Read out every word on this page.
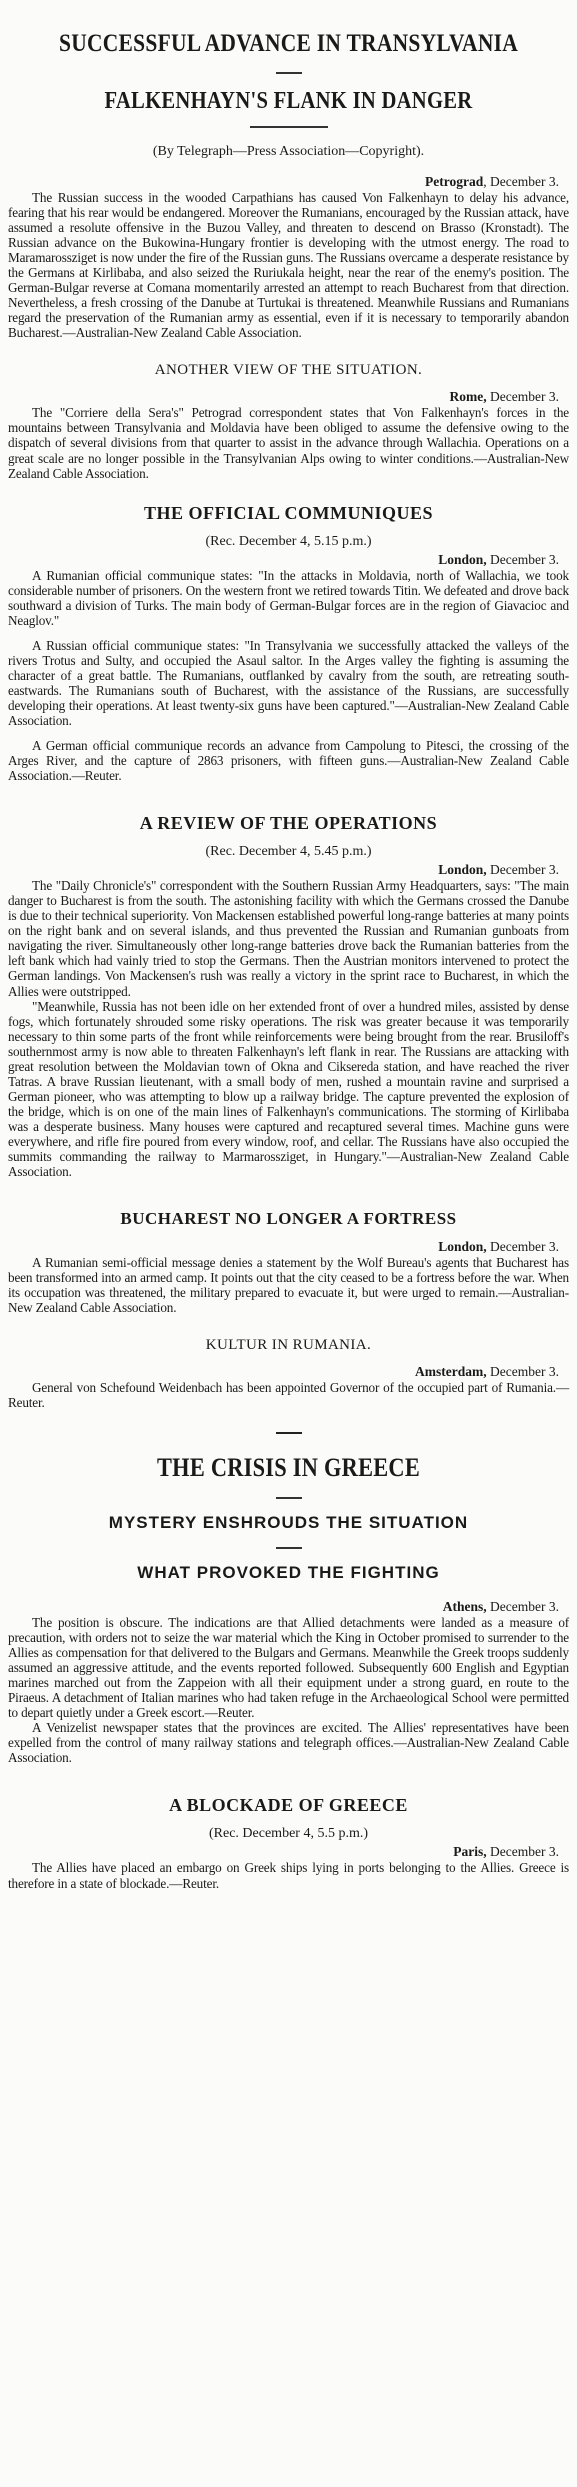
SUCCESSFUL ADVANCE IN TRANSYLVANIA
FALKENHAYN'S FLANK IN DANGER
(By Telegraph—Press Association—Copyright).
Petrograd, December 3.

The Russian success in the wooded Carpathians has caused Von Falkenhayn to delay his advance, fearing that his rear would be endangered. Moreover the Rumanians, encouraged by the Russian attack, have assumed a resolute offensive in the Buzou Valley, and threaten to descend on Brasso (Kronstadt). The Russian advance on the Bukowina-Hungary frontier is developing with the utmost energy. The road to Maramarossziget is now under the fire of the Russian guns. The Russians overcame a desperate resistance by the Germans at Kirlibaba, and also seized the Ruriukala height, near the rear of the enemy's position. The German-Bulgar reverse at Comana momentarily arrested an attempt to reach Bucharest from that direction. Nevertheless, a fresh crossing of the Danube at Turtukai is threatened. Meanwhile Russians and Rumanians regard the preservation of the Rumanian army as essential, even if it is necessary to temporarily abandon Bucharest.—Australian-New Zealand Cable Association.

ANOTHER VIEW OF THE SITUATION.
Rome, December 3.

The "Corriere della Sera's" Petrograd correspondent states that Von Falkenhayn's forces in the mountains between Transylvania and Moldavia have been obliged to assume the defensive owing to the dispatch of several divisions from that quarter to assist in the advance through Wallachia. Operations on a great scale are no longer possible in the Transylvanian Alps owing to winter conditions.—Australian-New Zealand Cable Association.

THE OFFICIAL COMMUNIQUES
(Rec. December 4, 5.15 p.m.)
London, December 3.

A Rumanian official communique states: "In the attacks in Moldavia, north of Wallachia, we took considerable number of prisoners. On the western front we retired towards Titin. We defeated and drove back southward a division of Turks. The main body of German-Bulgar forces are in the region of Giavacioc and Neaglov."

A Russian official communique states: "In Transylvania we successfully attacked the valleys of the rivers Trotus and Sulty, and occupied the Asaul saltor. In the Arges valley the fighting is assuming the character of a great battle. The Rumanians, outflanked by cavalry from the south, are retreating south-eastwards. The Rumanians south of Bucharest, with the assistance of the Russians, are successfully developing their operations. At least twenty-six guns have been captured."—Australian-New Zealand Cable Association.

A German official communique records an advance from Campolung to Pitesci, the crossing of the Arges River, and the capture of 2863 prisoners, with fifteen guns.—Australian-New Zealand Cable Association.—Reuter.

A REVIEW OF THE OPERATIONS
(Rec. December 4, 5.45 p.m.)
London, December 3.

The "Daily Chronicle's" correspondent with the Southern Russian Army Headquarters, says: "The main danger to Bucharest is from the south. The astonishing facility with which the Germans crossed the Danube is due to their technical superiority. Von Mackensen established powerful long-range batteries at many points on the right bank and on several islands, and thus prevented the Russian and Rumanian gunboats from navigating the river. Simultaneously other long-range batteries drove back the Rumanian batteries from the left bank which had vainly tried to stop the Germans. Then the Austrian monitors intervened to protect the German landings. Von Mackensen's rush was really a victory in the sprint race to Bucharest, in which the Allies were outstripped.

"Meanwhile, Russia has not been idle on her extended front of over a hundred miles, assisted by dense fogs, which fortunately shrouded some risky operations. The risk was greater because it was temporarily necessary to thin some parts of the front while reinforcements were being brought from the rear. Brusiloff's southernmost army is now able to threaten Falkenhayn's left flank in rear. The Russians are attacking with great resolution between the Moldavian town of Okna and Ciksereda station, and have reached the river Tatras. A brave Russian lieutenant, with a small body of men, rushed a mountain ravine and surprised a German pioneer, who was attempting to blow up a railway bridge. The capture prevented the explosion of the bridge, which is on one of the main lines of Falkenhayn's communications. The storming of Kirlibaba was a desperate business. Many houses were captured and recaptured several times. Machine guns were everywhere, and rifle fire poured from every window, roof, and cellar. The Russians have also occupied the summits commanding the railway to Marmarossziget, in Hungary."—Australian-New Zealand Cable Association.

BUCHAREST NO LONGER A FORTRESS
London, December 3.

A Rumanian semi-official message denies a statement by the Wolf Bureau's agents that Bucharest has been transformed into an armed camp. It points out that the city ceased to be a fortress before the war. When its occupation was threatened, the military prepared to evacuate it, but were urged to remain.—Australian-New Zealand Cable Association.

KULTUR IN RUMANIA.
Amsterdam, December 3.

General von Schefound Weidenbach has been appointed Governor of the occupied part of Rumania.—Reuter.

THE CRISIS IN GREECE
MYSTERY ENSHROUDS THE SITUATION
WHAT PROVOKED THE FIGHTING
Athens, December 3.

The position is obscure. The indications are that Allied detachments were landed as a measure of precaution, with orders not to seize the war material which the King in October promised to surrender to the Allies as compensation for that delivered to the Bulgars and Germans. Meanwhile the Greek troops suddenly assumed an aggressive attitude, and the events reported followed. Subsequently 600 English and Egyptian marines marched out from the Zappeion with all their equipment under a strong guard, en route to the Piraeus. A detachment of Italian marines who had taken refuge in the Archaeological School were permitted to depart quietly under a Greek escort.—Reuter.

A Venizelist newspaper states that the provinces are excited. The Allies' representatives have been expelled from the control of many railway stations and telegraph offices.—Australian-New Zealand Cable Association.

A BLOCKADE OF GREECE
(Rec. December 4, 5.5 p.m.)
Paris, December 3.

The Allies have placed an embargo on Greek ships lying in ports belonging to the Allies. Greece is therefore in a state of blockade.—Reuter.
